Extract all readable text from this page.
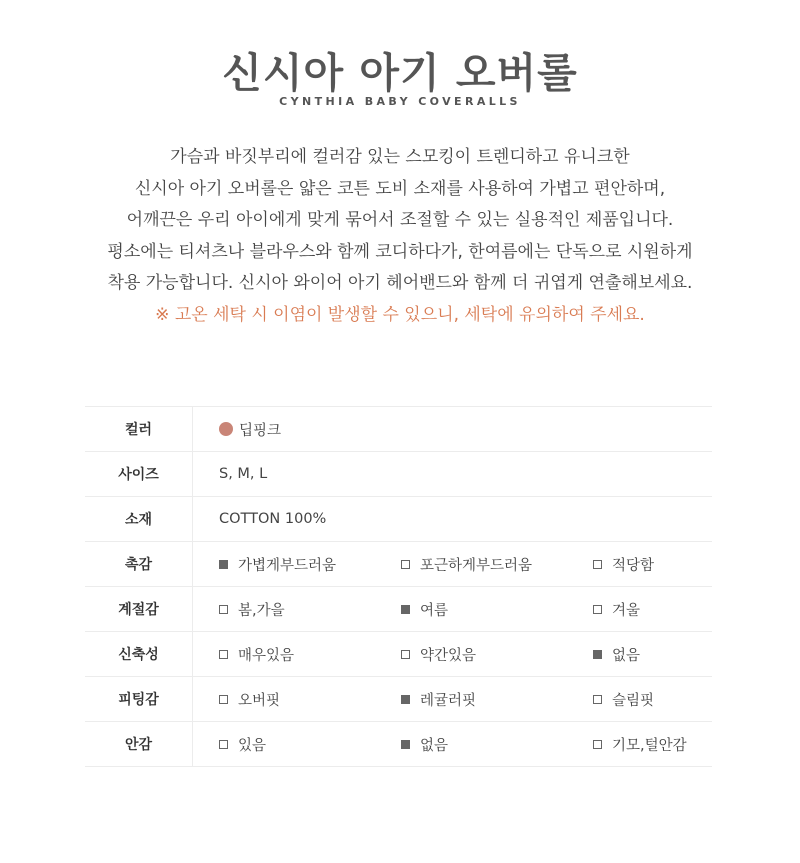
신시아 아기 오버롤
CYNTHIA BABY COVERALLS
가슴과 바짓부리에 컬러감 있는 스모킹이 트렌디하고 유니크한
신시아 아기 오버롤은 얇은 코튼 도비 소재를 사용하여 가볍고 편안하며,
어깨끈은 우리 아이에게 맞게 묶어서 조절할 수 있는 실용적인 제품입니다.
평소에는 티셔츠나 블라우스와 함께 코디하다가, 한여름에는 단독으로 시원하게
착용 가능합니다. 신시아 와이어 아기 헤어밴드와 함께 더 귀엽게 연출해보세요.
※ 고온 세탁 시 이염이 발생할 수 있으니, 세탁에 유의하여 주세요.
컬러	딥핑크
사이즈	S, M, L
소재	COTTON 100%
촉감	가볍게부드러움	포근하게부드러움	적당함
계절감	봄,가을	여름	겨울
신축성	매우있음	약간있음	없음
피팅감	오버핏	레귤러핏	슬림핏
안감	있음	없음	기모,털안감
